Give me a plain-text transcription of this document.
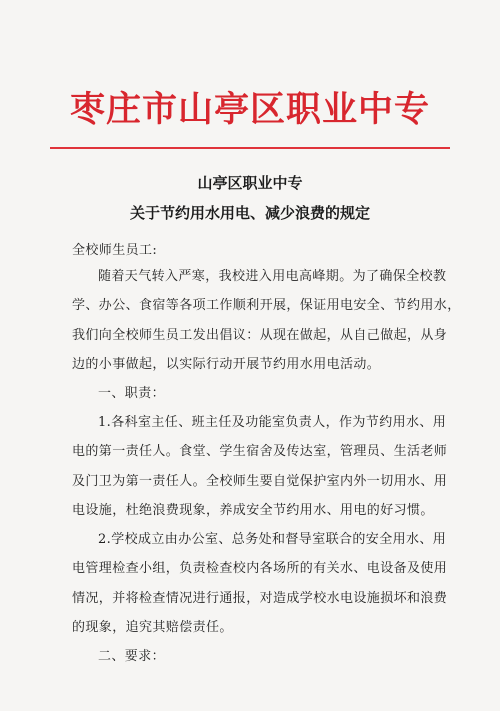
枣庄市山亭区职业中专
山亭区职业中专
关于节约用水用电、减少浪费的规定
全校师生员工:
随着天气转入严寒，我校进入用电高峰期。为了确保全校教
学、办公、食宿等各项工作顺利开展，保证用电安全、节约用水，
我们向全校师生员工发出倡议：从现在做起，从自己做起，从身
边的小事做起，以实际行动开展节约用水用电活动。
一、职责：
1.各科室主任、班主任及功能室负责人，作为节约用水、用
电的第一责任人。食堂、学生宿舍及传达室，管理员、生活老师
及门卫为第一责任人。全校师生要自觉保护室内外一切用水、用
电设施，杜绝浪费现象，养成安全节约用水、用电的好习惯。
2.学校成立由办公室、总务处和督导室联合的安全用水、用
电管理检查小组，负责检查校内各场所的有关水、电设备及使用
情况，并将检查情况进行通报，对造成学校水电设施损坏和浪费
的现象，追究其赔偿责任。
二、要求：
